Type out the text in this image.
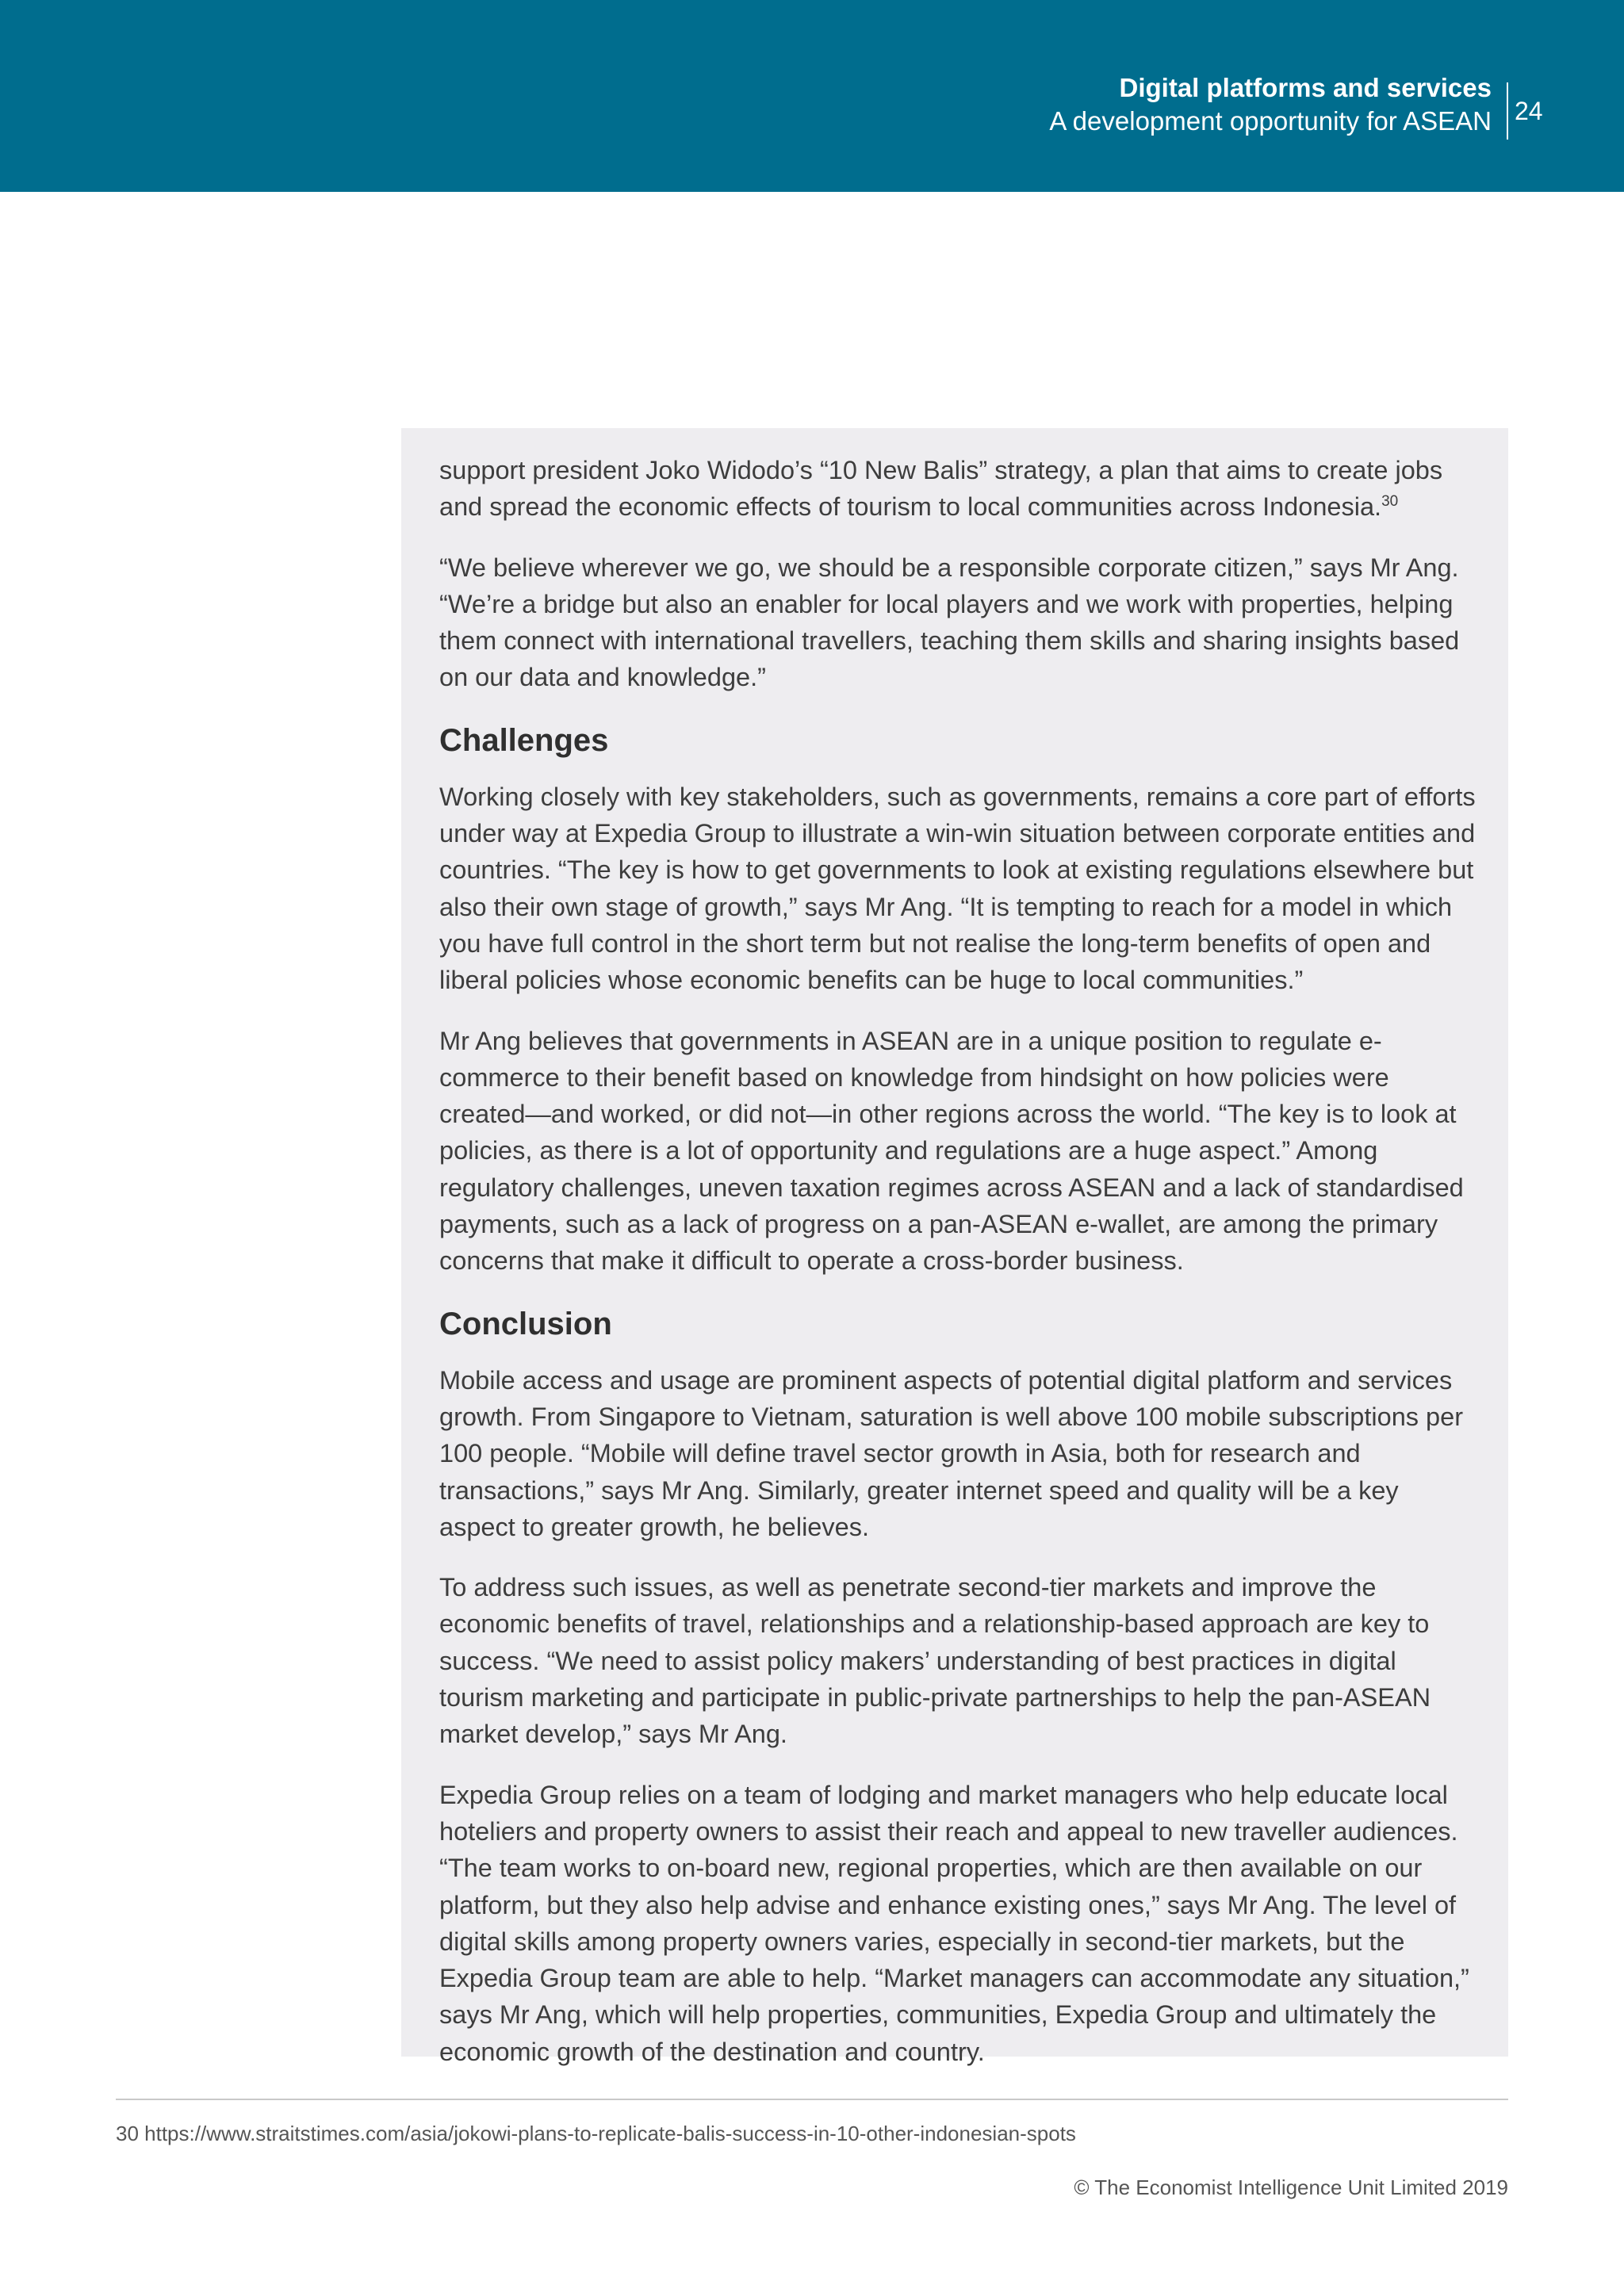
Digital platforms and services
A development opportunity for ASEAN 24

support president Joko Widodo’s “10 New Balis” strategy, a plan that aims to create jobs and spread the economic effects of tourism to local communities across Indonesia.$^{30}$

“We believe wherever we go, we should be a responsible corporate citizen,” says Mr Ang. “We’re a bridge but also an enabler for local players and we work with properties, helping them connect with international travellers, teaching them skills and sharing insights based on our data and knowledge.”

Challenges

Working closely with key stakeholders, such as governments, remains a core part of efforts under way at Expedia Group to illustrate a win-win situation between corporate entities and countries. “The key is how to get governments to look at existing regulations elsewhere but also their own stage of growth,” says Mr Ang. “It is tempting to reach for a model in which you have full control in the short term but not realise the long-term benefits of open and liberal policies whose economic benefits can be huge to local communities.”

Mr Ang believes that governments in ASEAN are in a unique position to regulate e-commerce to their benefit based on knowledge from hindsight on how policies were created—and worked, or did not—in other regions across the world. “The key is to look at policies, as there is a lot of opportunity and regulations are a huge aspect.” Among regulatory challenges, uneven taxation regimes across ASEAN and a lack of standardised payments, such as a lack of progress on a pan-ASEAN e-wallet, are among the primary concerns that make it difficult to operate a cross-border business.

Conclusion

Mobile access and usage are prominent aspects of potential digital platform and services growth. From Singapore to Vietnam, saturation is well above 100 mobile subscriptions per 100 people. “Mobile will define travel sector growth in Asia, both for research and transactions,” says Mr Ang. Similarly, greater internet speed and quality will be a key aspect to greater growth, he believes.

To address such issues, as well as penetrate second-tier markets and improve the economic benefits of travel, relationships and a relationship-based approach are key to success. “We need to assist policy makers’ understanding of best practices in digital tourism marketing and participate in public-private partnerships to help the pan-ASEAN market develop,” says Mr Ang.

Expedia Group relies on a team of lodging and market managers who help educate local hoteliers and property owners to assist their reach and appeal to new traveller audiences. “The team works to on-board new, regional properties, which are then available on our platform, but they also help advise and enhance existing ones,” says Mr Ang. The level of digital skills among property owners varies, especially in second-tier markets, but the Expedia Group team are able to help. “Market managers can accommodate any situation,” says Mr Ang, which will help properties, communities, Expedia Group and ultimately the economic growth of the destination and country.

30 https://www.straitstimes.com/asia/jokowi-plans-to-replicate-balis-success-in-10-other-indonesian-spots
© The Economist Intelligence Unit Limited 2019
